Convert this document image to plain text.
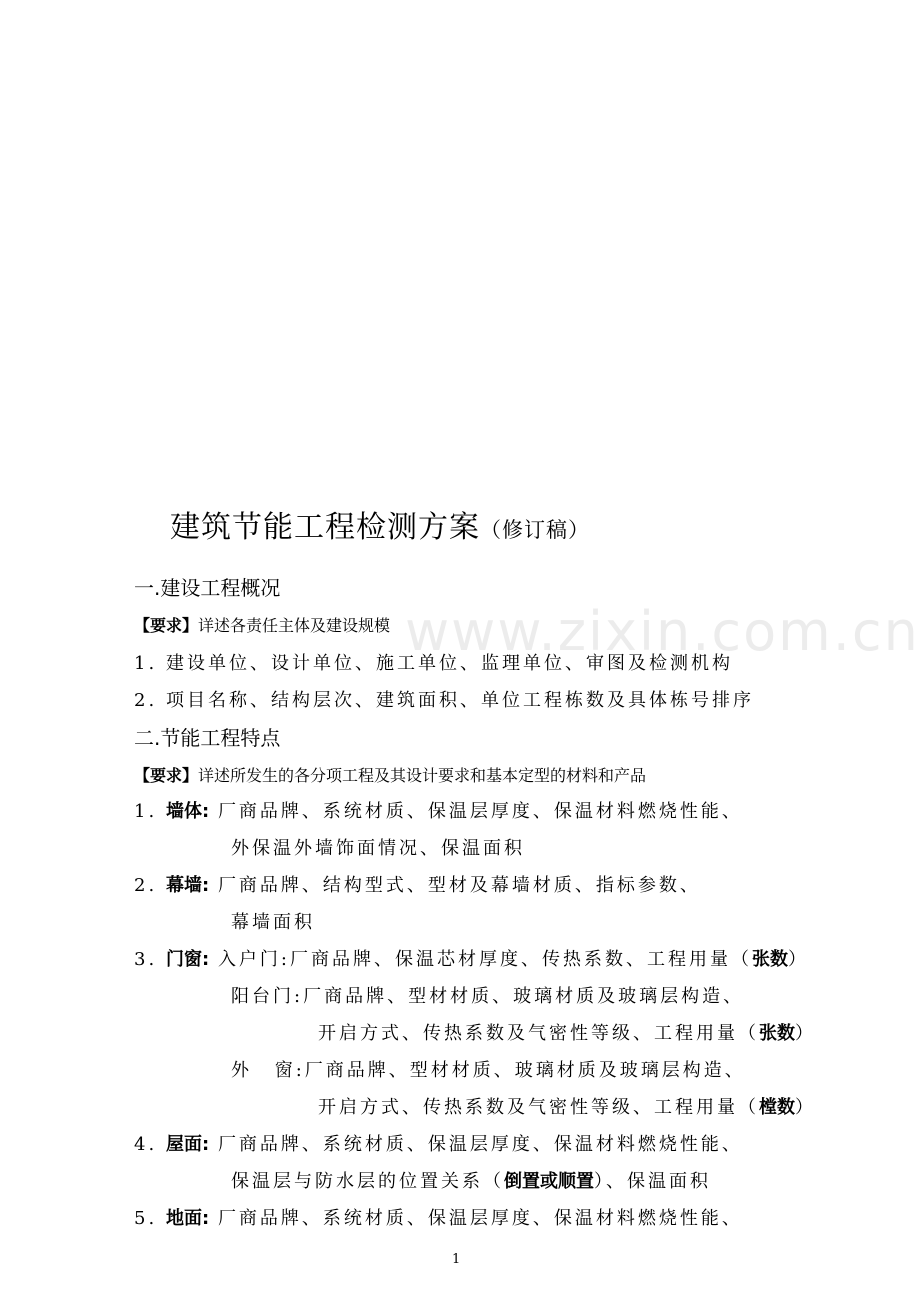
www.zixin.com.cn
建筑节能工程检测方案（修订稿）
一.建设工程概况
【要求】详述各责任主体及建设规模
1. 建设单位、设计单位、施工单位、监理单位、审图及检测机构
2. 项目名称、结构层次、建筑面积、单位工程栋数及具体栋号排序
二.节能工程特点
【要求】详述所发生的各分项工程及其设计要求和基本定型的材料和产品
1. 墙体: 厂商品牌、系统材质、保温层厚度、保温材料燃烧性能、
外保温外墙饰面情况、保温面积
2. 幕墙: 厂商品牌、结构型式、型材及幕墙材质、指标参数、
幕墙面积
3. 门窗: 入户门:厂商品牌、保温芯材厚度、传热系数、工程用量（张数）
阳台门:厂商品牌、型材材质、玻璃材质及玻璃层构造、
开启方式、传热系数及气密性等级、工程用量（张数）
外 窗:厂商品牌、型材材质、玻璃材质及玻璃层构造、
开启方式、传热系数及气密性等级、工程用量（樘数）
4. 屋面: 厂商品牌、系统材质、保温层厚度、保温材料燃烧性能、
保温层与防水层的位置关系（倒置或顺置）、保温面积
5. 地面: 厂商品牌、系统材质、保温层厚度、保温材料燃烧性能、
1
